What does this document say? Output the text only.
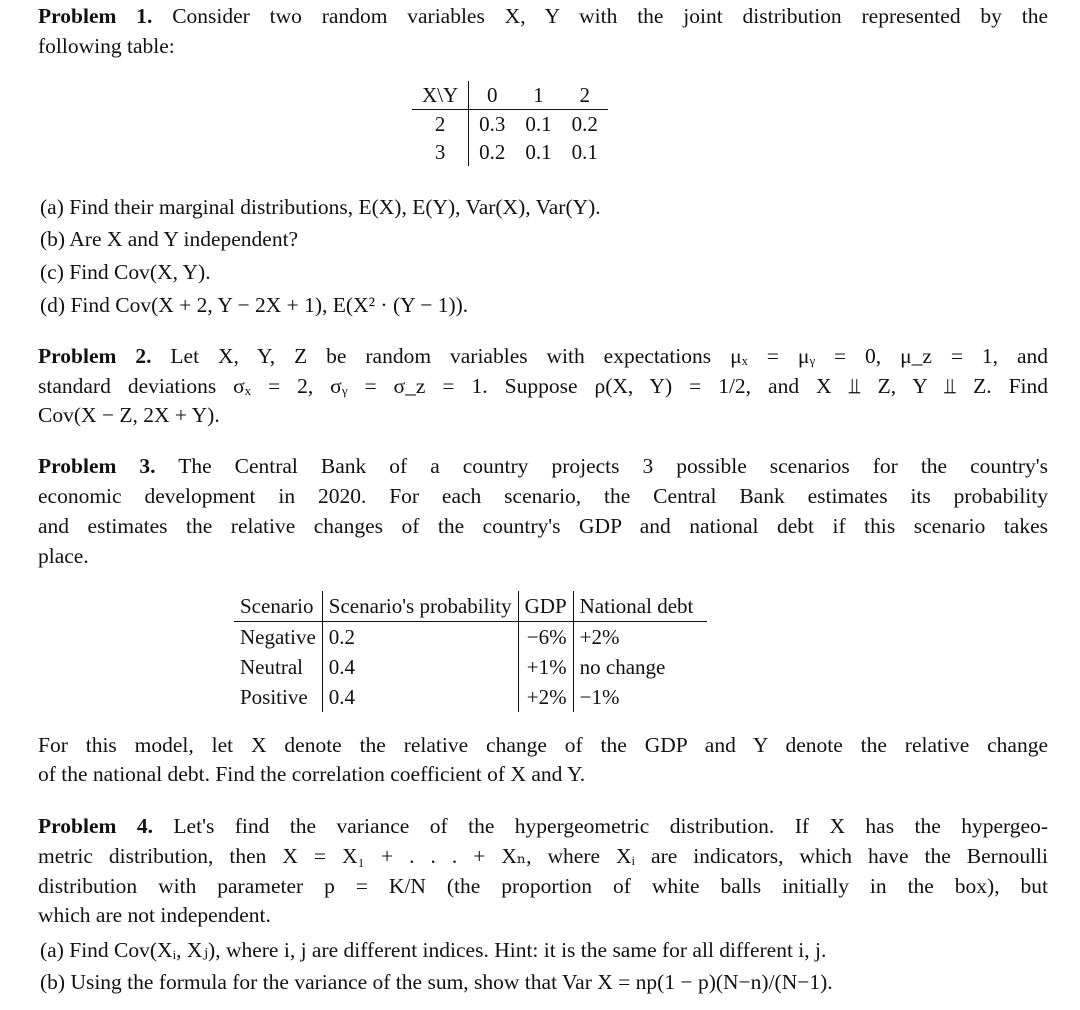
Problem 1. Consider two random variables X, Y with the joint distribution represented by the
following table:
X\Y	0	1	2
2	0.3	0.1	0.2
3	0.2	0.1	0.1
(a) Find their marginal distributions, E(X), E(Y), Var(X), Var(Y).
(b) Are X and Y independent?
(c) Find Cov(X, Y).
(d) Find Cov(X + 2, Y − 2X + 1), E(X² · (Y − 1)).
Problem 2. Let X, Y, Z be random variables with expectations μₓ = μᵧ = 0, μ_z = 1, and
standard deviations σₓ = 2, σᵧ = σ_z = 1. Suppose ρ(X, Y) = 1/2, and X ⫫ Z, Y ⫫ Z. Find
Cov(X − Z, 2X + Y).
Problem 3. The Central Bank of a country projects 3 possible scenarios for the country's
economic development in 2020. For each scenario, the Central Bank estimates its probability
and estimates the relative changes of the country's GDP and national debt if this scenario takes
place.
Scenario	Scenario's probability	GDP	National debt
Negative	0.2	−6%	+2%
Neutral	0.4	+1%	no change
Positive	0.4	+2%	−1%
For this model, let X denote the relative change of the GDP and Y denote the relative change
of the national debt. Find the correlation coefficient of X and Y.
Problem 4. Let's find the variance of the hypergeometric distribution. If X has the hypergeo-
metric distribution, then X = X₁ + . . . + Xₙ, where Xᵢ are indicators, which have the Bernoulli
distribution with parameter p = K/N (the proportion of white balls initially in the box), but
which are not independent.
(a) Find Cov(Xᵢ, Xⱼ), where i, j are different indices. Hint: it is the same for all different i, j.
(b) Using the formula for the variance of the sum, show that Var X = np(1 − p)(N−n)/(N−1).
